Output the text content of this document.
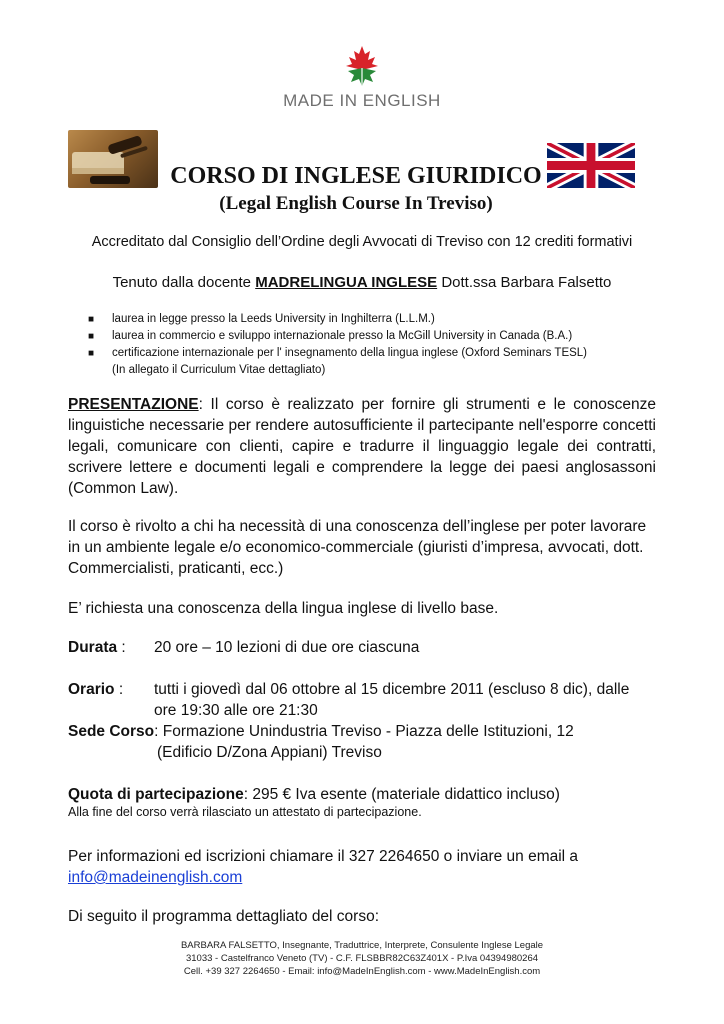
MADE IN ENGLISH
CORSO DI INGLESE GIURIDICO
(Legal English Course In Treviso)
Accreditato dal Consiglio dell’Ordine degli Avvocati di Treviso con 12 crediti formativi
Tenuto dalla docente MADRELINGUA INGLESE Dott.ssa Barbara Falsetto
■ laurea in legge presso la Leeds University in Inghilterra (L.L.M.)
■ laurea in commercio e sviluppo internazionale presso la McGill University in Canada (B.A.)
■ certificazione internazionale per l' insegnamento della lingua inglese (Oxford Seminars TESL)
(In allegato il Curriculum Vitae dettagliato)
PRESENTAZIONE: Il corso è realizzato per fornire gli strumenti e le conoscenze linguistiche necessarie per rendere autosufficiente il partecipante nell'esporre concetti legali, comunicare con clienti, capire e tradurre il linguaggio legale dei contratti, scrivere lettere e documenti legali e comprendere la legge dei paesi anglosassoni (Common Law).
Il corso è rivolto a chi ha necessità di una conoscenza dell’inglese per poter lavorare in un ambiente legale e/o economico-commerciale (giuristi d’impresa, avvocati, dott. Commercialisti, praticanti, ecc.)
E’ richiesta una conoscenza della lingua inglese di livello base.
Durata : 20 ore – 10 lezioni di due ore ciascuna
Orario : tutti i giovedì dal 06 ottobre al 15 dicembre 2011 (escluso 8 dic), dalle
ore 19:30 alle ore 21:30
Sede Corso: Formazione Unindustria Treviso - Piazza delle Istituzioni, 12
(Edificio D/Zona Appiani) Treviso
Quota di partecipazione: 295 € Iva esente (materiale didattico incluso)
Alla fine del corso verrà rilasciato un attestato di partecipazione.
Per informazioni ed iscrizioni chiamare il 327 2264650 o inviare un email a
info@madeinenglish.com
Di seguito il programma dettagliato del corso:
BARBARA FALSETTO, Insegnante, Traduttrice, Interprete, Consulente Inglese Legale
31033 - Castelfranco Veneto (TV) - C.F. FLSBBR82C63Z401X - P.Iva 04394980264
Cell. +39 327 2264650 - Email: info@MadeInEnglish.com - www.MadeInEnglish.com
